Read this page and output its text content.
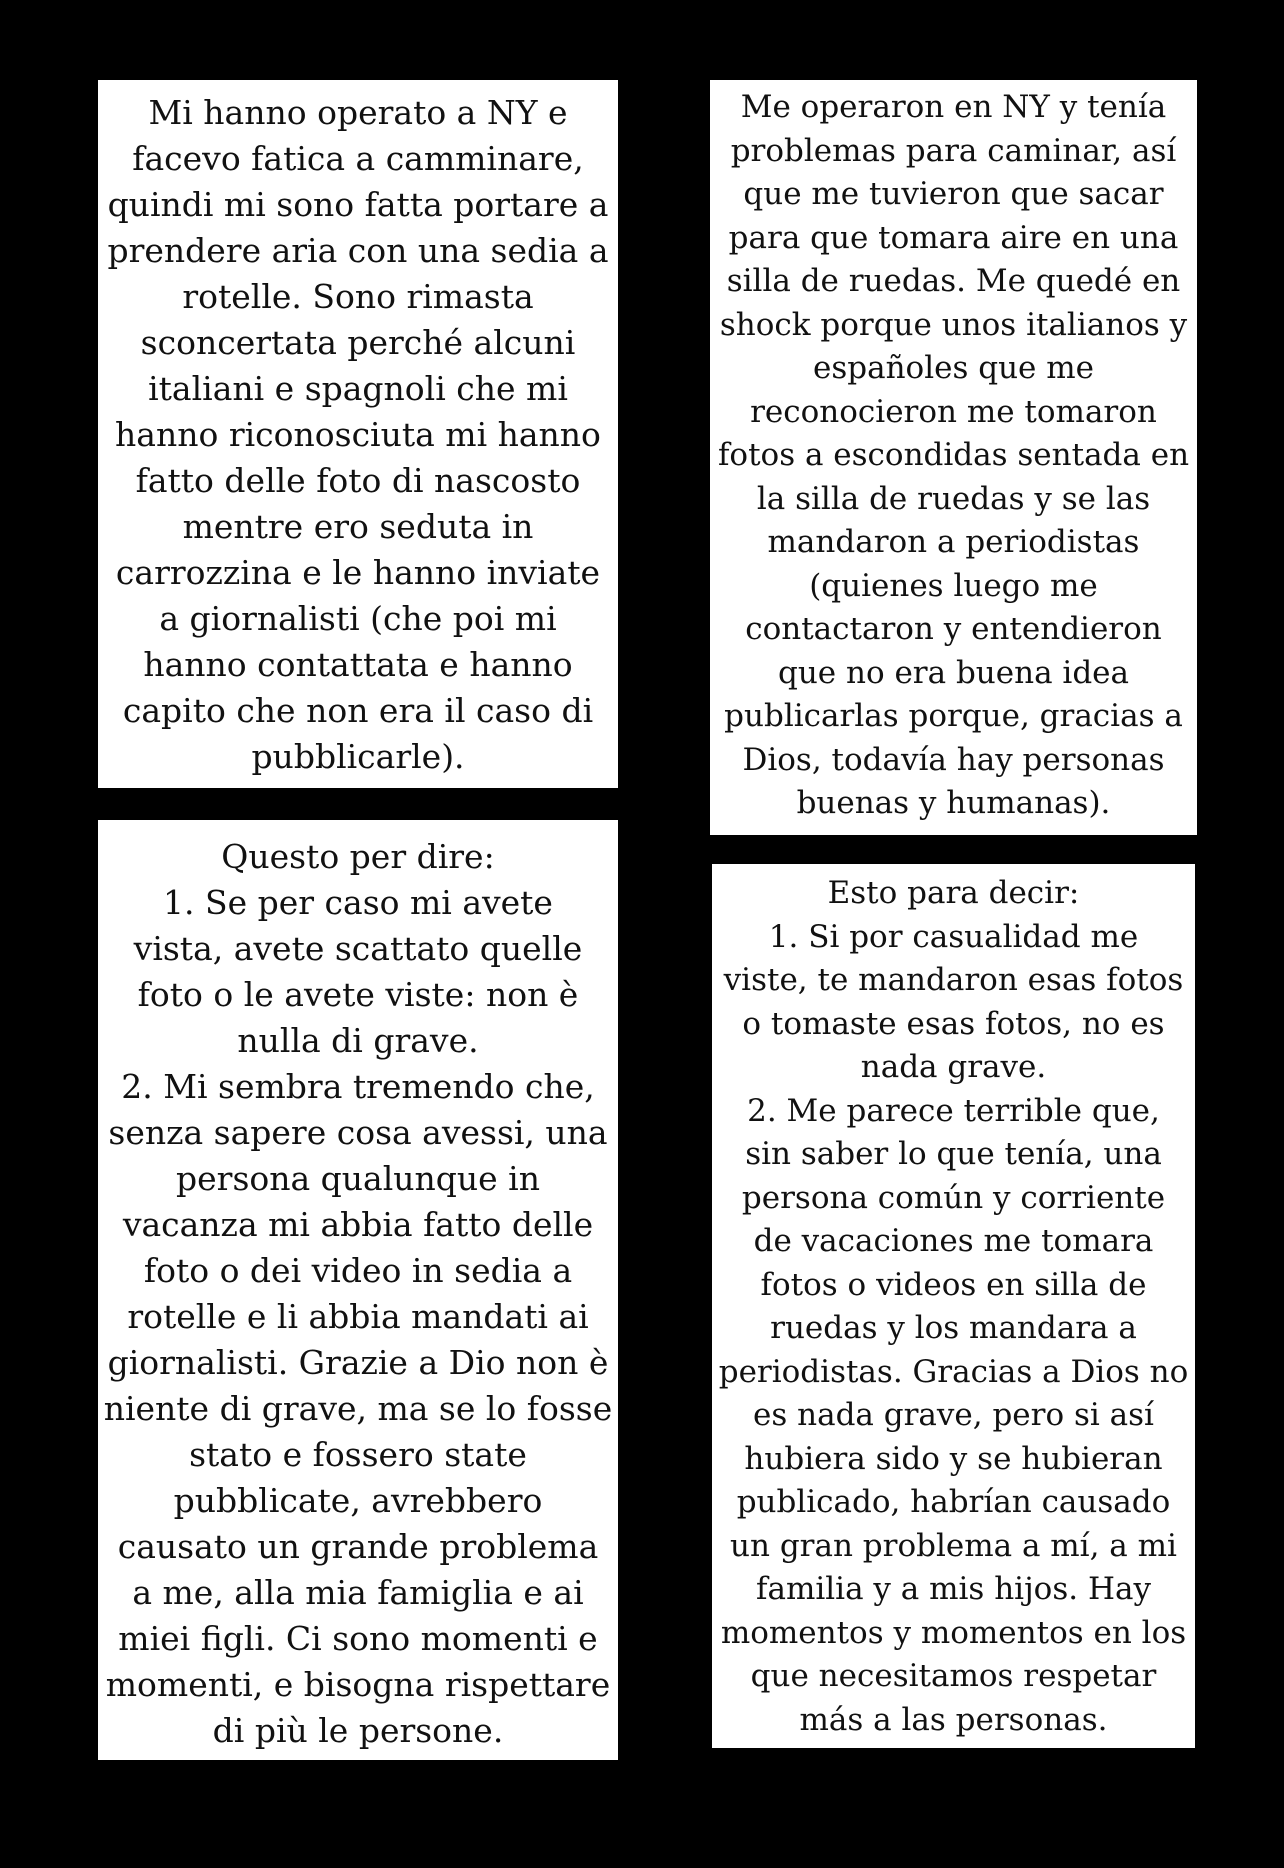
Mi hanno operato a NY e
facevo fatica a camminare,
quindi mi sono fatta portare a
prendere aria con una sedia a
rotelle. Sono rimasta
sconcertata perché alcuni
italiani e spagnoli che mi
hanno riconosciuta mi hanno
fatto delle foto di nascosto
mentre ero seduta in
carrozzina e le hanno inviate
a giornalisti (che poi mi
hanno contattata e hanno
capito che non era il caso di
pubblicarle).
Questo per dire:
1. Se per caso mi avete
vista, avete scattato quelle
foto o le avete viste: non è
nulla di grave.
2. Mi sembra tremendo che,
senza sapere cosa avessi, una
persona qualunque in
vacanza mi abbia fatto delle
foto o dei video in sedia a
rotelle e li abbia mandati ai
giornalisti. Grazie a Dio non è
niente di grave, ma se lo fosse
stato e fossero state
pubblicate, avrebbero
causato un grande problema
a me, alla mia famiglia e ai
miei figli. Ci sono momenti e
momenti, e bisogna rispettare
di più le persone.
Me operaron en NY y tenía
problemas para caminar, así
que me tuvieron que sacar
para que tomara aire en una
silla de ruedas. Me quedé en
shock porque unos italianos y
españoles que me
reconocieron me tomaron
fotos a escondidas sentada en
la silla de ruedas y se las
mandaron a periodistas
(quienes luego me
contactaron y entendieron
que no era buena idea
publicarlas porque, gracias a
Dios, todavía hay personas
buenas y humanas).
Esto para decir:
1. Si por casualidad me
viste, te mandaron esas fotos
o tomaste esas fotos, no es
nada grave.
2. Me parece terrible que,
sin saber lo que tenía, una
persona común y corriente
de vacaciones me tomara
fotos o videos en silla de
ruedas y los mandara a
periodistas. Gracias a Dios no
es nada grave, pero si así
hubiera sido y se hubieran
publicado, habrían causado
un gran problema a mí, a mi
familia y a mis hijos. Hay
momentos y momentos en los
que necesitamos respetar
más a las personas.
